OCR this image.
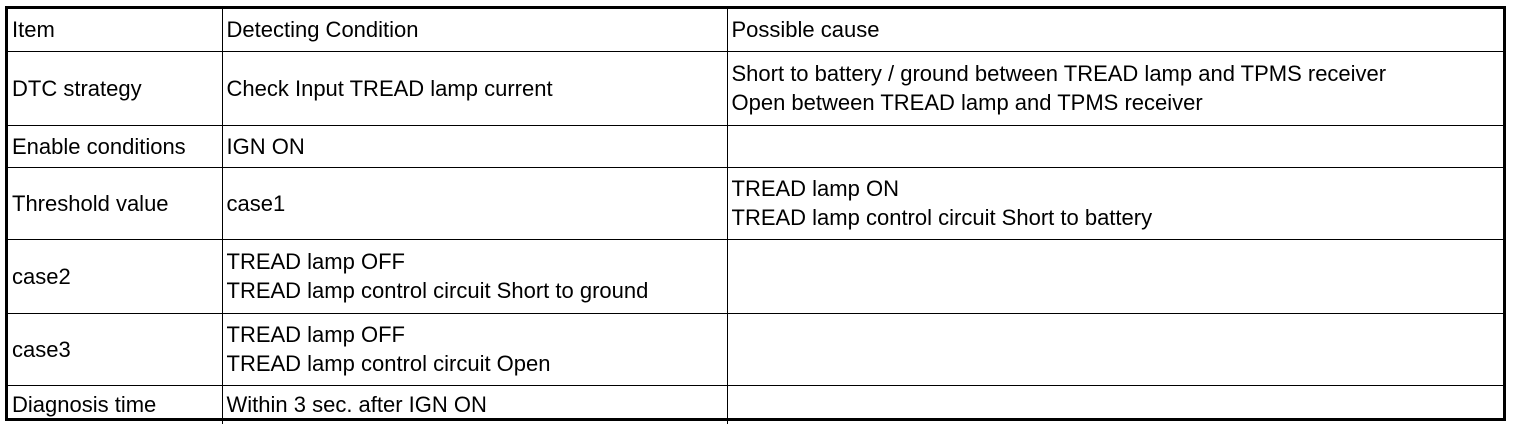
Item	Detecting Condition	Possible cause
DTC strategy	Check Input TREAD lamp current	Short to battery / ground between TREAD lamp and TPMS receiver
Open between TREAD lamp and TPMS receiver

Enable conditions	IGN ON	

Threshold value	case1	TREAD lamp ON
TREAD lamp control circuit Short to battery

case2	TREAD lamp OFF
TREAD lamp control circuit Short to ground	

case3	TREAD lamp OFF
TREAD lamp control circuit Open	

Diagnosis time	Within 3 sec. after IGN ON	
